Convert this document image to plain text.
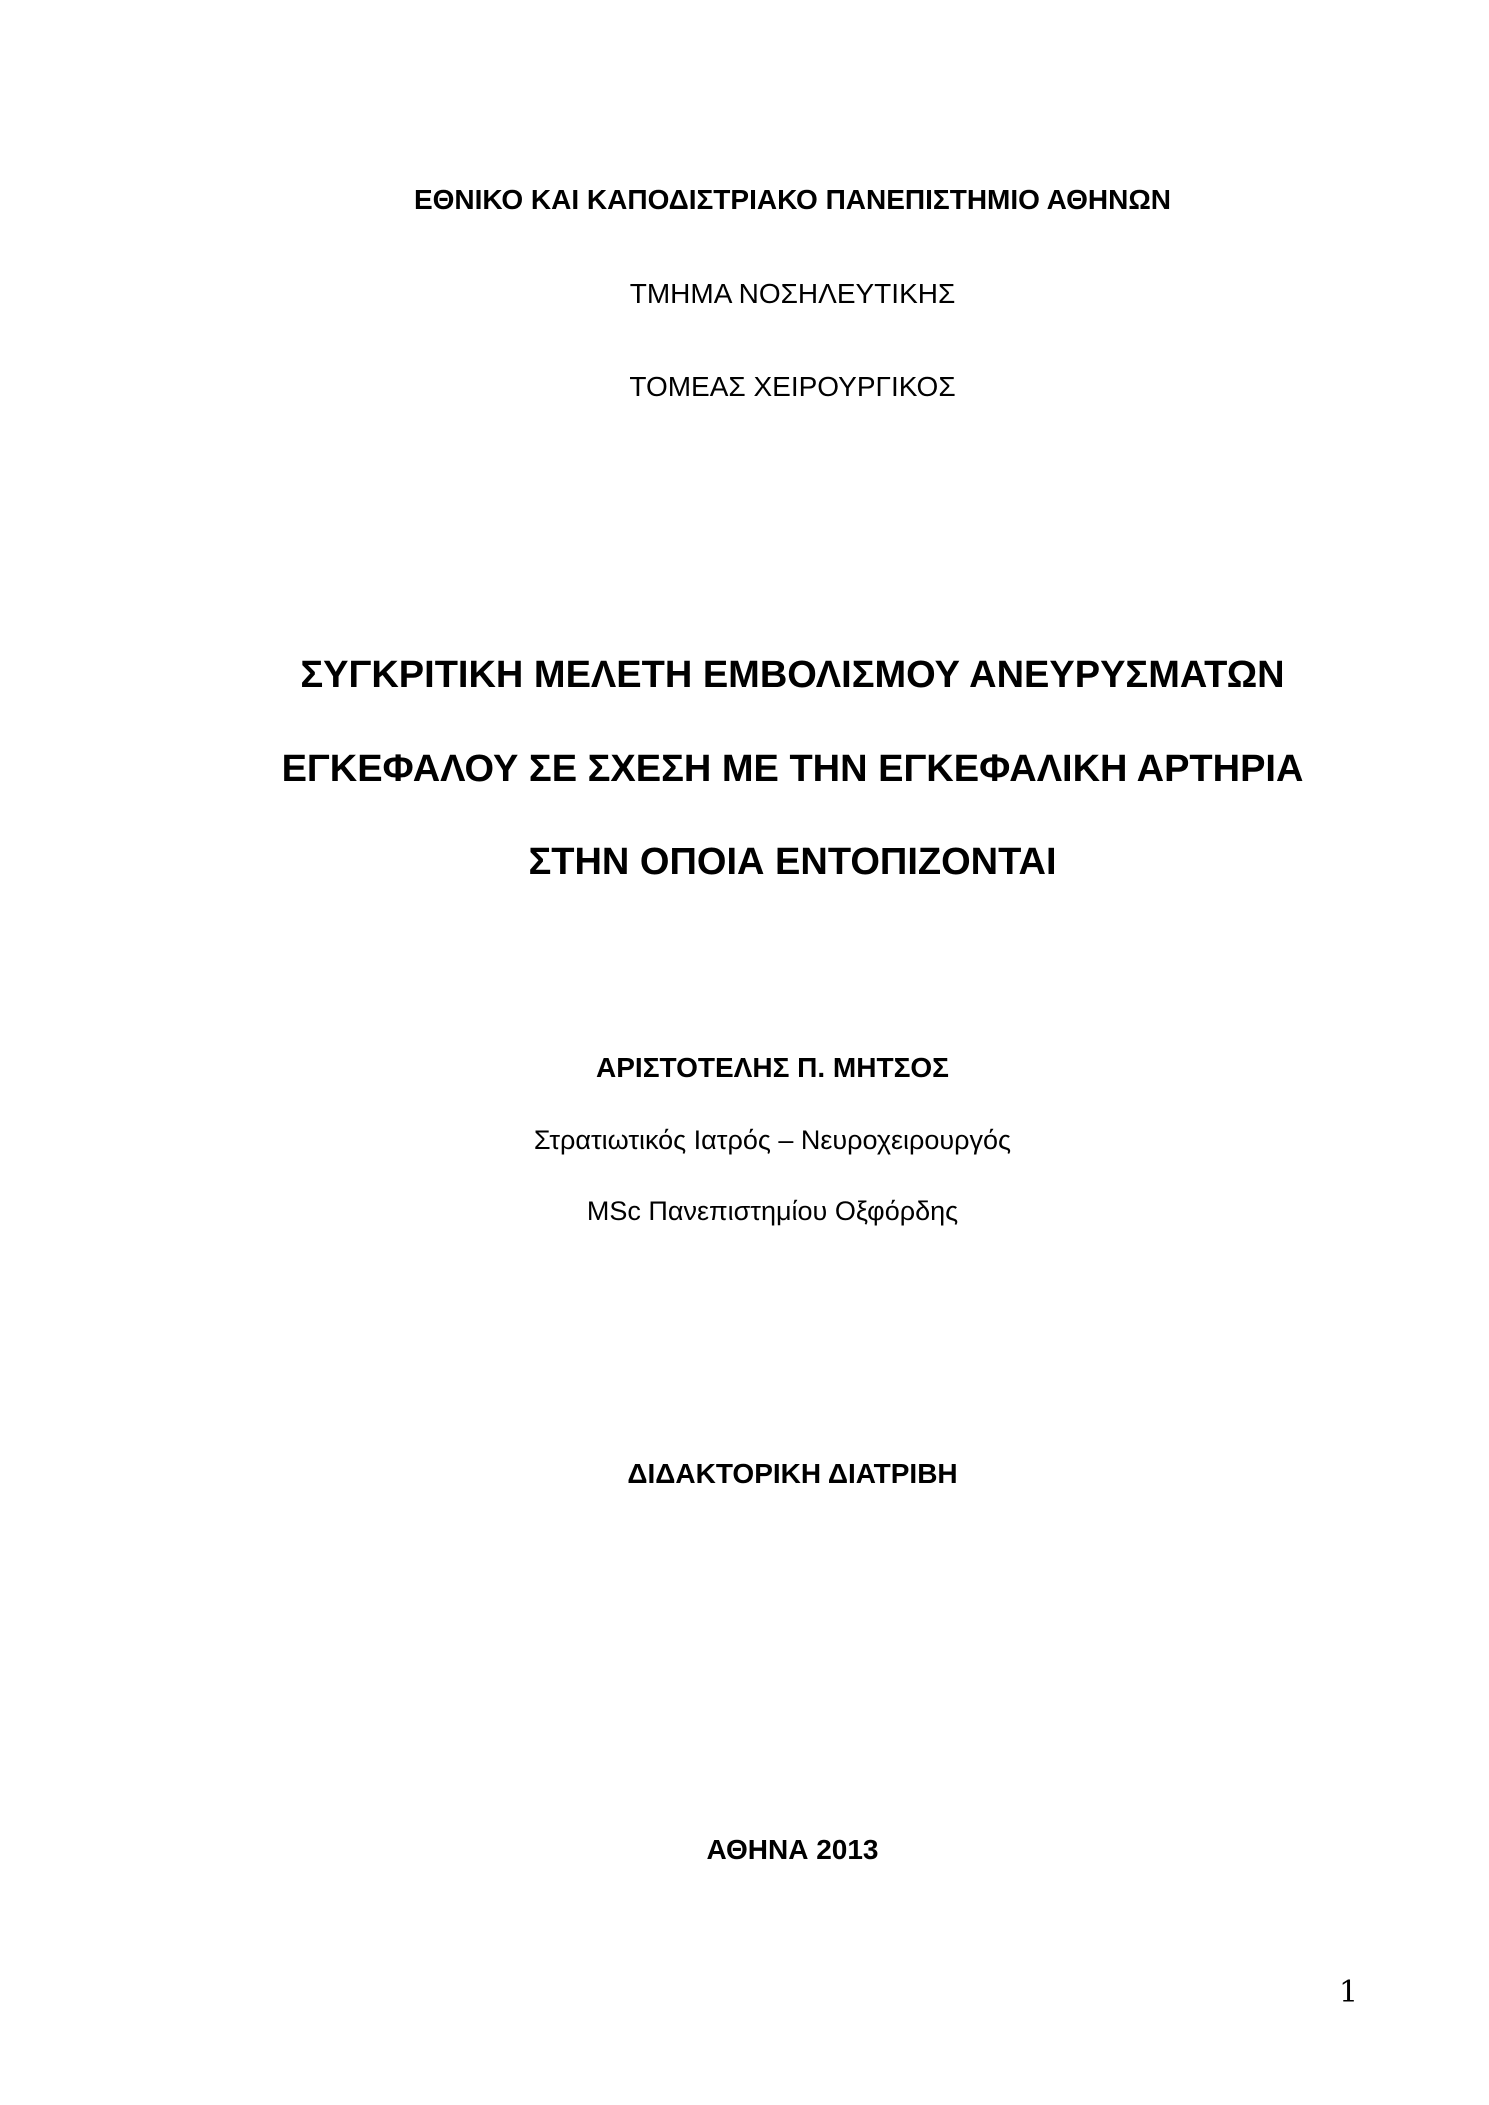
ΕΘΝΙΚΟ ΚΑΙ ΚΑΠΟΔΙΣΤΡΙΑΚΟ ΠΑΝΕΠΙΣΤΗΜΙΟ ΑΘΗΝΩΝ
ΤΜΗΜΑ ΝΟΣΗΛΕΥΤΙΚΗΣ
ΤΟΜΕΑΣ ΧΕΙΡΟΥΡΓΙΚΟΣ
ΣΥΓΚΡΙΤΙΚΗ ΜΕΛΕΤΗ ΕΜΒΟΛΙΣΜΟΥ ΑΝΕΥΡΥΣΜΑΤΩΝ
ΕΓΚΕΦΑΛΟΥ ΣΕ ΣΧΕΣΗ ΜΕ ΤΗΝ ΕΓΚΕΦΑΛΙΚΗ ΑΡΤΗΡΙΑ
ΣΤΗΝ ΟΠΟΙΑ ΕΝΤΟΠΙΖΟΝΤΑΙ
ΑΡΙΣΤΟΤΕΛΗΣ Π. ΜΗΤΣΟΣ
Στρατιωτικός Ιατρός – Νευροχειρουργός
MSc Πανεπιστημίου Οξφόρδης
ΔΙΔΑΚΤΟΡΙΚΗ ΔΙΑΤΡΙΒΗ
ΑΘΗΝΑ 2013
1
